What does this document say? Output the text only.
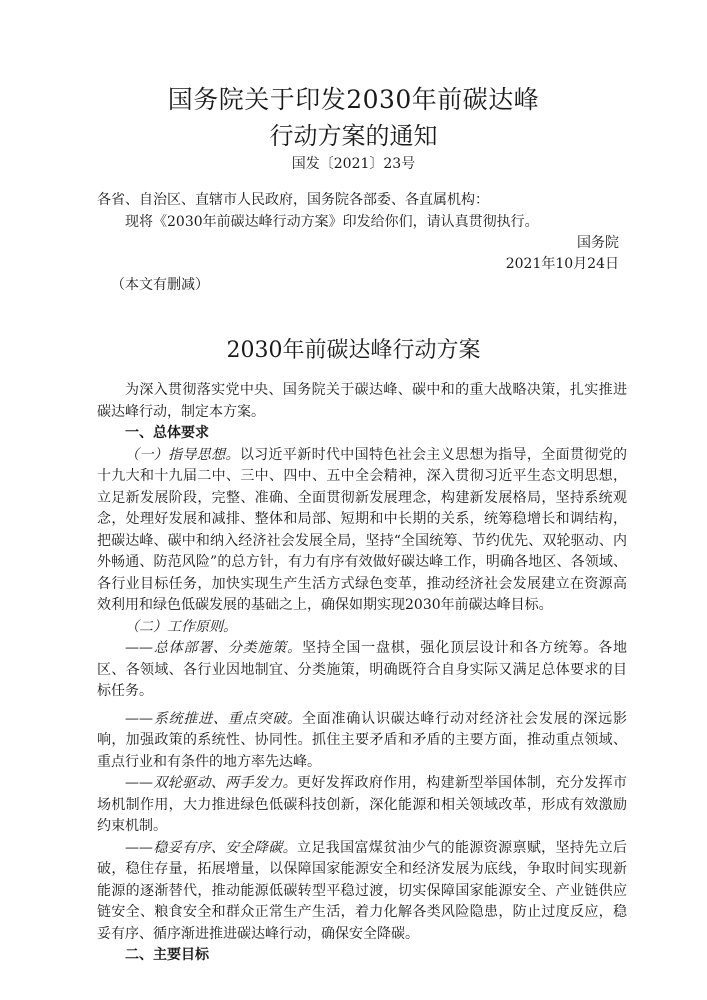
国务院关于印发2030年前碳达峰
行动方案的通知
国发〔2021〕23号
各省、自治区、直辖市人民政府，国务院各部委、各直属机构：
现将《2030年前碳达峰行动方案》印发给你们，请认真贯彻执行。
国务院
2021年10月24日
（本文有删减）
2030年前碳达峰行动方案

为深入贯彻落实党中央、国务院关于碳达峰、碳中和的重大战略决策，扎实推进碳达峰行动，制定本方案。

一、总体要求

（一）指导思想。以习近平新时代中国特色社会主义思想为指导，全面贯彻党的十九大和十九届二中、三中、四中、五中全会精神，深入贯彻习近平生态文明思想，立足新发展阶段，完整、准确、全面贯彻新发展理念，构建新发展格局，坚持系统观念，处理好发展和减排、整体和局部、短期和中长期的关系，统筹稳增长和调结构，把碳达峰、碳中和纳入经济社会发展全局，坚持“全国统筹、节约优先、双轮驱动、内外畅通、防范风险”的总方针，有力有序有效做好碳达峰工作，明确各地区、各领域、各行业目标任务，加快实现生产生活方式绿色变革，推动经济社会发展建立在资源高效利用和绿色低碳发展的基础之上，确保如期实现2030年前碳达峰目标。

（二）工作原则。

——总体部署、分类施策。坚持全国一盘棋，强化顶层设计和各方统筹。各地区、各领域、各行业因地制宜、分类施策，明确既符合自身实际又满足总体要求的目标任务。

——系统推进、重点突破。全面准确认识碳达峰行动对经济社会发展的深远影响，加强政策的系统性、协同性。抓住主要矛盾和矛盾的主要方面，推动重点领域、重点行业和有条件的地方率先达峰。

——双轮驱动、两手发力。更好发挥政府作用，构建新型举国体制，充分发挥市场机制作用，大力推进绿色低碳科技创新，深化能源和相关领域改革，形成有效激励约束机制。

——稳妥有序、安全降碳。立足我国富煤贫油少气的能源资源禀赋，坚持先立后破，稳住存量，拓展增量，以保障国家能源安全和经济发展为底线，争取时间实现新能源的逐渐替代，推动能源低碳转型平稳过渡，切实保障国家能源安全、产业链供应链安全、粮食安全和群众正常生产生活，着力化解各类风险隐患，防止过度反应，稳妥有序、循序渐进推进碳达峰行动，确保安全降碳。

二、主要目标
